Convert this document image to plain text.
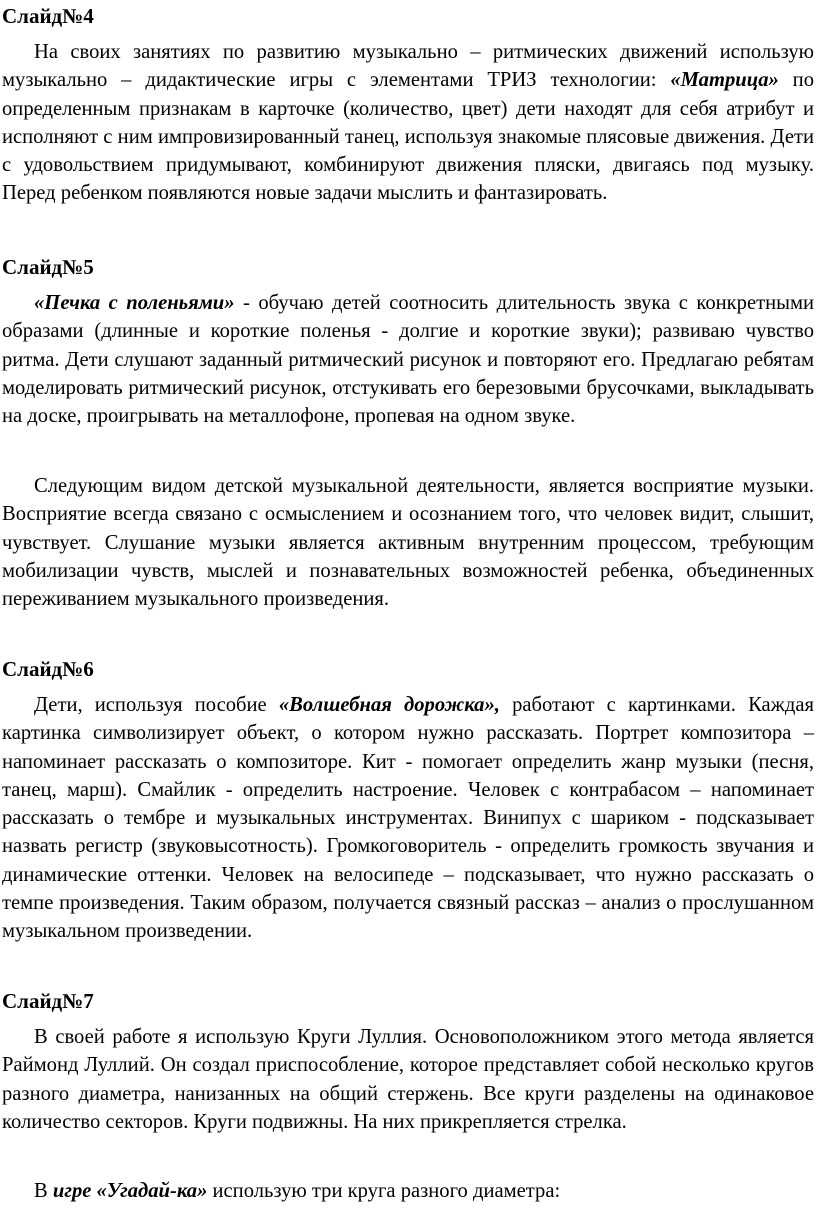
Слайд№4

На своих занятиях по развитию музыкально – ритмических движений использую музыкально – дидактические игры с элементами ТРИЗ технологии: «Матрица» по определенным признакам в карточке (количество, цвет) дети находят для себя атрибут и исполняют с ним импровизированный танец, используя знакомые плясовые движения. Дети с удовольствием придумывают, комбинируют движения пляски, двигаясь под музыку. Перед ребенком появляются новые задачи мыслить и фантазировать.

Слайд№5

«Печка с поленьями» - обучаю детей соотносить длительность звука с конкретными образами (длинные и короткие поленья - долгие и короткие звуки); развиваю чувство ритма. Дети слушают заданный ритмический рисунок и повторяют его. Предлагаю ребятам моделировать ритмический рисунок, отстукивать его березовыми брусочками, выкладывать на доске, проигрывать на металлофоне, пропевая на одном звуке.

Следующим видом детской музыкальной деятельности, является восприятие музыки. Восприятие всегда связано с осмыслением и осознанием того, что человек видит, слышит, чувствует. Слушание музыки является активным внутренним процессом, требующим мобилизации чувств, мыслей и познавательных возможностей ребенка, объединенных переживанием музыкального произведения.

Слайд№6

Дети, используя пособие «Волшебная дорожка», работают с картинками. Каждая картинка символизирует объект, о котором нужно рассказать. Портрет композитора – напоминает рассказать о композиторе. Кит - помогает определить жанр музыки (песня, танец, марш). Смайлик - определить настроение. Человек с контрабасом – напоминает рассказать о тембре и музыкальных инструментах. Винипух с шариком - подсказывает назвать регистр (звуковысотность). Громкоговоритель - определить громкость звучания и динамические оттенки. Человек на велосипеде – подсказывает, что нужно рассказать о темпе произведения. Таким образом, получается связный рассказ – анализ о прослушанном музыкальном произведении.

Слайд№7

В своей работе я использую Круги Луллия. Основоположником этого метода является Раймонд Луллий. Он создал приспособление, которое представляет собой несколько кругов разного диаметра, нанизанных на общий стержень. Все круги разделены на одинаковое количество секторов. Круги подвижны. На них прикрепляется стрелка.

В игре «Угадай-ка» использую три круга разного диаметра:
